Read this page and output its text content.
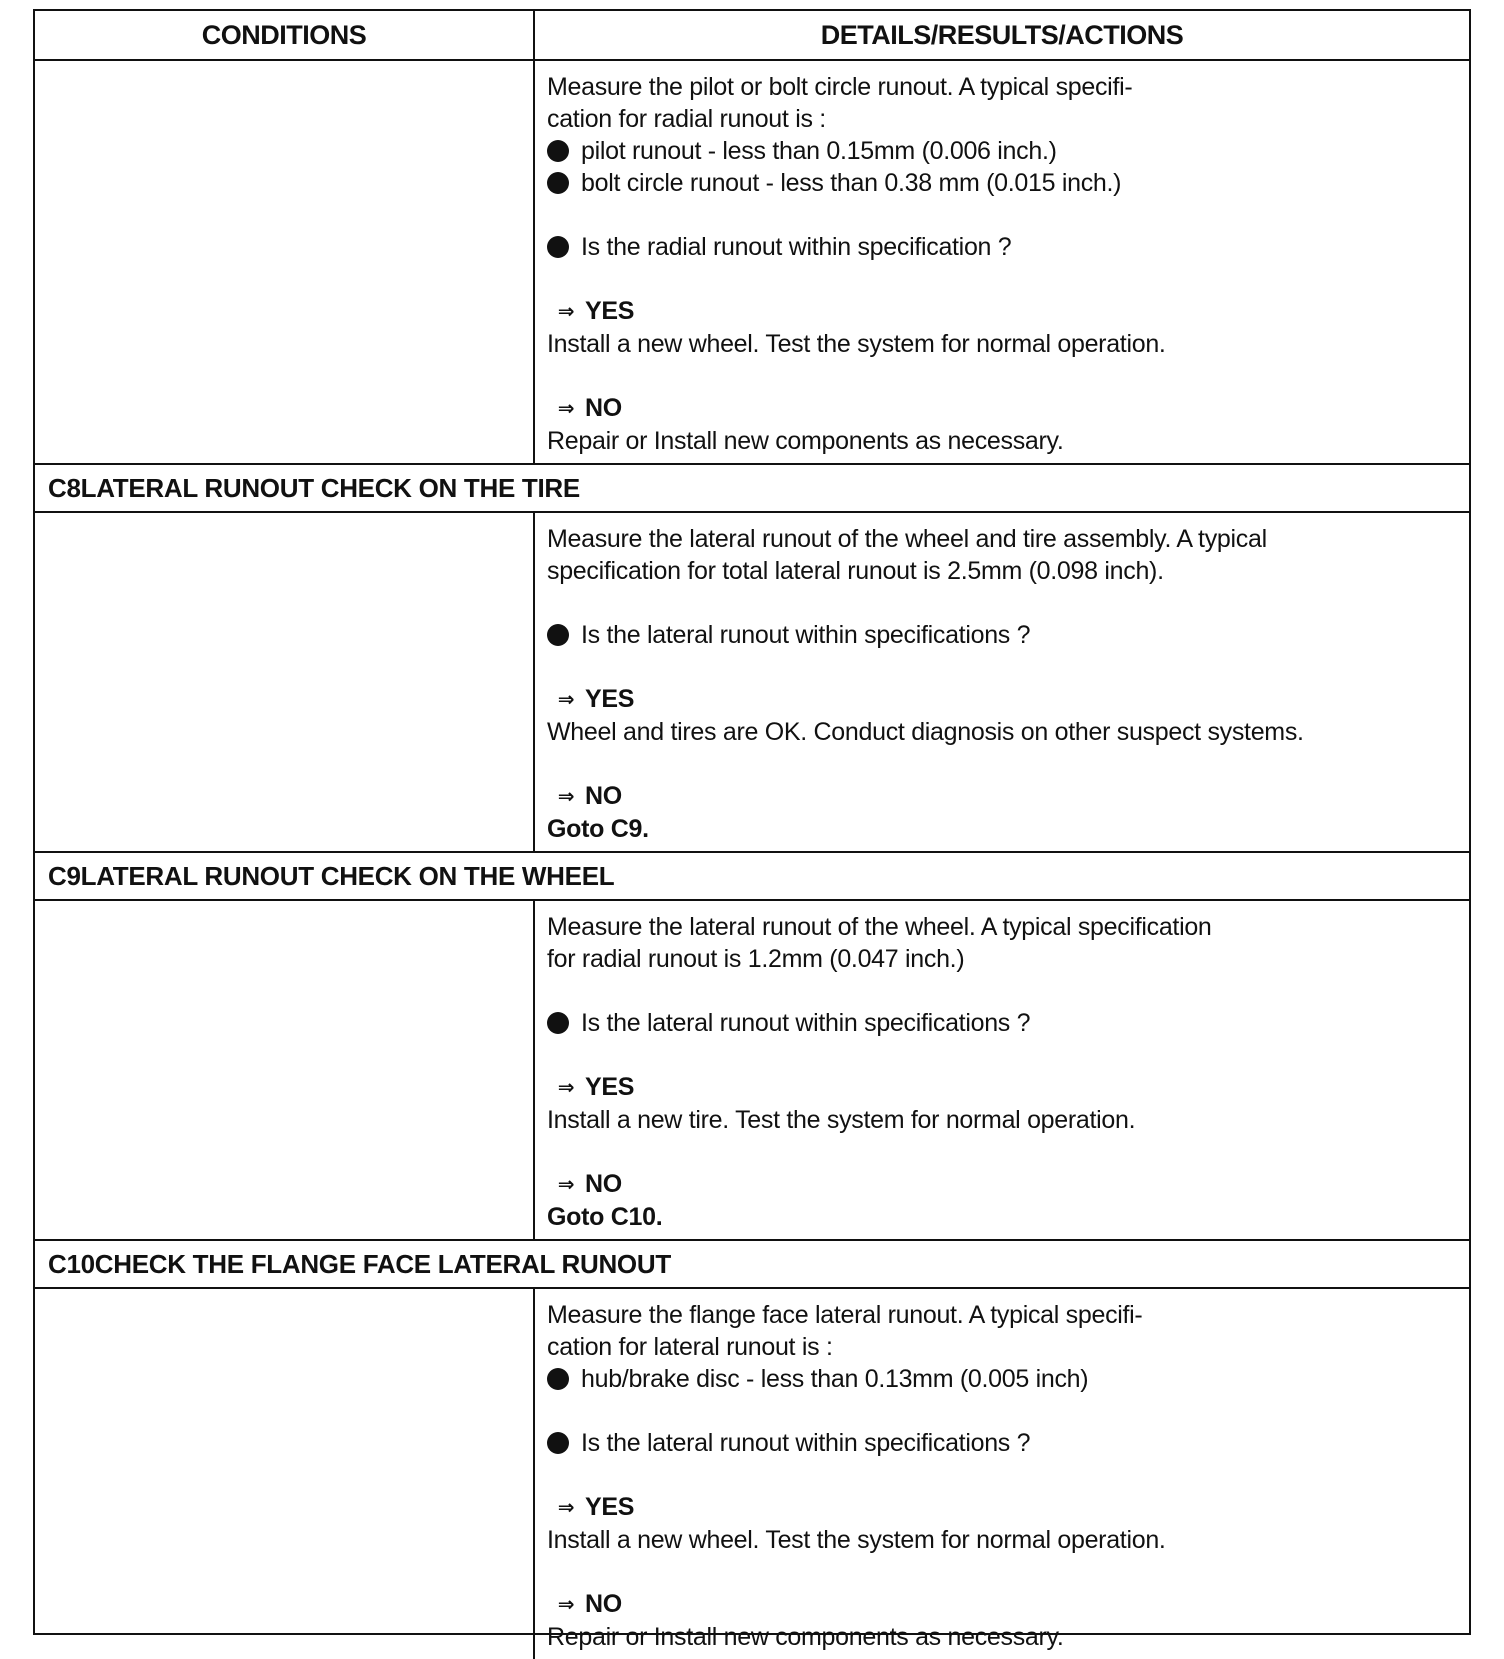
CONDITIONS	DETAILS/RESULTS/ACTIONS
Measure the pilot or bolt circle runout. A typical specifi-
cation for radial runout is :
pilot runout - less than 0.15mm (0.006 inch.)
bolt circle runout - less than 0.38 mm (0.015 inch.)
Is the radial runout within specification ?
⇒ YES
Install a new wheel. Test the system for normal operation.
⇒ NO
Repair or Install new components as necessary.
C8LATERAL RUNOUT CHECK ON THE TIRE
Measure the lateral runout of the wheel and tire assembly. A typical
specification for total lateral runout is 2.5mm (0.098 inch).
Is the lateral runout within specifications ?
⇒ YES
Wheel and tires are OK. Conduct diagnosis on other suspect systems.
⇒ NO
Goto C9.
C9LATERAL RUNOUT CHECK ON THE WHEEL
Measure the lateral runout of the wheel. A typical specification
for radial runout is 1.2mm (0.047 inch.)
Is the lateral runout within specifications ?
⇒ YES
Install a new tire. Test the system for normal operation.
⇒ NO
Goto C10.
C10CHECK THE FLANGE FACE LATERAL RUNOUT
Measure the flange face lateral runout. A typical specifi-
cation for lateral runout is :
hub/brake disc - less than 0.13mm (0.005 inch)
Is the lateral runout within specifications ?
⇒ YES
Install a new wheel. Test the system for normal operation.
⇒ NO
Repair or Install new components as necessary.
